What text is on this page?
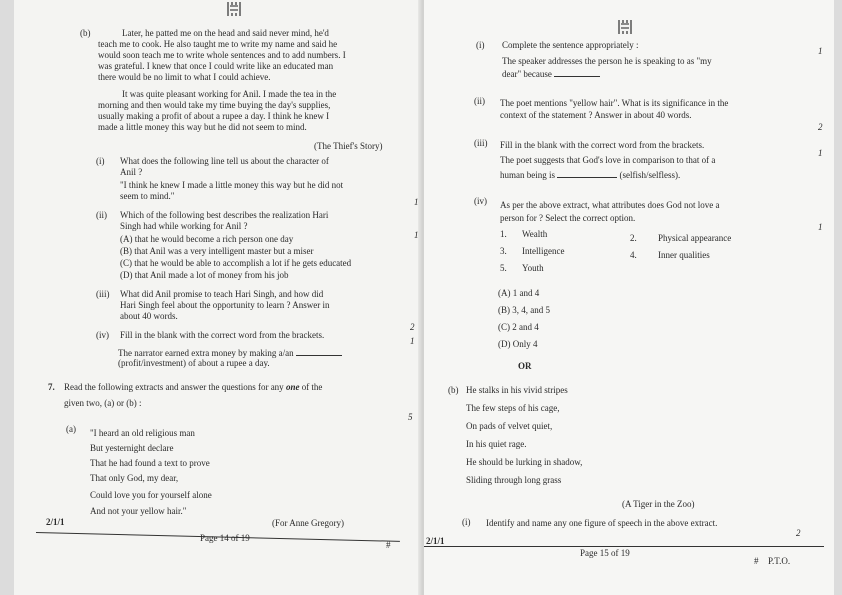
(b)	Later, he patted me on the head and said never mind, he'd
teach me to cook. He also taught me to write my name and said he
would soon teach me to write whole sentences and to add numbers. I
was grateful. I knew that once I could write like an educated man
there would be no limit to what I could achieve.
It was quite pleasant working for Anil. I made the tea in the
morning and then would take my time buying the day's supplies,
usually making a profit of about a rupee a day. I think he knew I
made a little money this way but he did not seem to mind.
(The Thief's Story)
(i) What does the following line tell us about the character of
Anil ?
"I think he knew I made a little money this way but he did not
seem to mind."
1
(ii) Which of the following best describes the realization Hari
Singh had while working for Anil ?
1
(A) that he would become a rich person one day
(B) that Anil was a very intelligent master but a miser
(C) that he would be able to accomplish a lot if he gets educated
(D) that Anil made a lot of money from his job
(iii) What did Anil promise to teach Hari Singh, and how did
Hari Singh feel about the opportunity to learn ? Answer in
about 40 words.
2
(iv) Fill in the blank with the correct word from the brackets.
1
The narrator earned extra money by making a/an
(profit/investment) of about a rupee a day.
7. Read the following extracts and answer the questions for any one of the
given two, (a) or (b) :
5
(a) "I heard an old religious man
But yesternight declare
That he had found a text to prove
That only God, my dear,
Could love you for yourself alone
And not your yellow hair."
(For Anne Gregory)
2/1/1
Page 14 of 19
#
(i) Complete the sentence appropriately :
1
The speaker addresses the person he is speaking to as "my
dear" because
(ii) The poet mentions "yellow hair". What is its significance in the
context of the statement ? Answer in about 40 words.
2
(iii) Fill in the blank with the correct word from the brackets.
The poet suggests that God's love in comparison to that of a
1
human being is	(selfish/selfless).
(iv) As per the above extract, what attributes does God not love a
person for ? Select the correct option.
1
1. Wealth	2. Physical appearance
3. Intelligence	4. Inner qualities
5. Youth
(A) 1 and 4
(B) 3, 4, and 5
(C) 2 and 4
(D) Only 4
OR
(b) He stalks in his vivid stripes
The few steps of his cage,
On pads of velvet quiet,
In his quiet rage.
He should be lurking in shadow,
Sliding through long grass
(A Tiger in the Zoo)
(i) Identify and name any one figure of speech in the above extract.
2
2/1/1
Page 15 of 19
# P.T.O.
